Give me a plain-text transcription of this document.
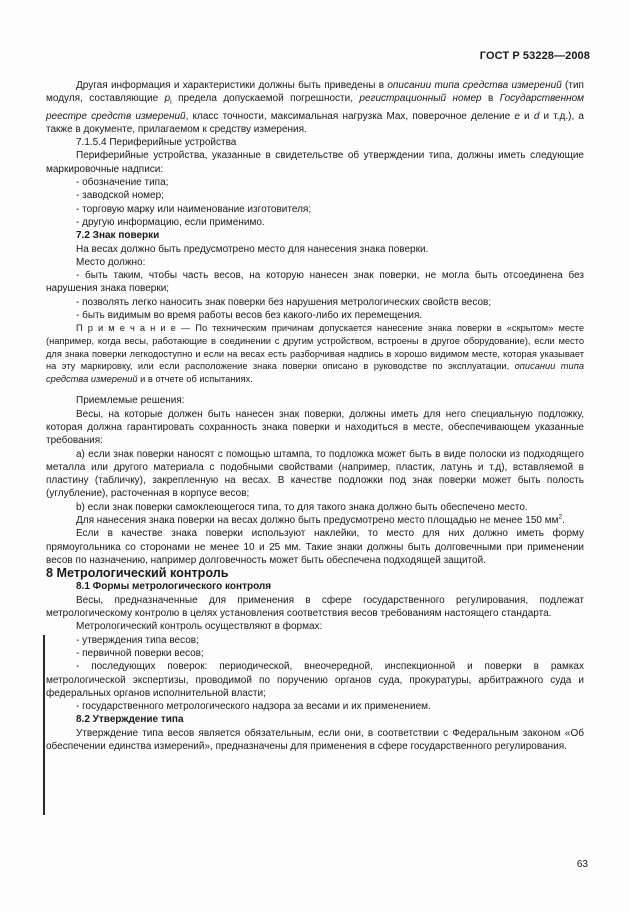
ГОСТ Р 53228—2008

Другая информация и характеристики должны быть приведены в описании типа средства измерений (тип модуля, составляющие $p_i$ предела допускаемой погрешности, регистрационный номер в Государственном реестре средств измерений, класс точности, максимальная нагрузка Max, поверочное деление e и d и т.д.), а также в документе, прилагаемом к средству измерения.

7.1.5.4 Периферийные устройства

Периферийные устройства, указанные в свидетельстве об утверждении типа, должны иметь следующие маркировочные надписи:

- обозначение типа;

- заводской номер;

- торговую марку или наименование изготовителя;

- другую информацию, если применимо.

7.2 Знак поверки

На весах должно быть предусмотрено место для нанесения знака поверки.

Место должно:

- быть таким, чтобы часть весов, на которую нанесен знак поверки, не могла быть отсоединена без нарушения знака поверки;

- позволять легко наносить знак поверки без нарушения метрологических свойств весов;

- быть видимым во время работы весов без какого-либо их перемещения.

П р и м е ч а н и е — По техническим причинам допускается нанесение знака поверки в «скрытом» месте (например, когда весы, работающие в соединении с другим устройством, встроены в другое оборудование), если место для знака поверки легкодоступно и если на весах есть разборчивая надпись в хорошо видимом месте, которая указывает на эту маркировку, или если расположение знака поверки описано в руководстве по эксплуатации, описании типа средства измерений и в отчете об испытаниях.

Приемлемые решения:

Весы, на которые должен быть нанесен знак поверки, должны иметь для него специальную подложку, которая должна гарантировать сохранность знака поверки и находиться в месте, обеспечивающем указанные требования:

a) если знак поверки наносят с помощью штампа, то подложка может быть в виде полоски из подходящего металла или другого материала с подобными свойствами (например, пластик, латунь и т.д), вставляемой в пластину (табличку), закрепленную на весах. В качестве подложки под знак поверки может быть полость (углубление), расточенная в корпусе весов;

b) если знак поверки самоклеющегося типа, то для такого знака должно быть обеспечено место.

Для нанесения знака поверки на весах должно быть предусмотрено место площадью не менее 150 $мм^2$.

Если в качестве знака поверки используют наклейки, то место для них должно иметь форму прямоугольника со сторонами не менее 10 и 25 мм. Такие знаки должны быть долговечными при применении весов по назначению, например долговечность может быть обеспечена подходящей защитой.

8 Метрологический контроль

8.1 Формы метрологического контроля

Весы, предназначенные для применения в сфере государственного регулирования, подлежат метрологическому контролю в целях установления соответствия весов требованиям настоящего стандарта.

Метрологический контроль осуществляют в формах:

- утверждения типа весов;

- первичной поверки весов;

- последующих поверок: периодической, внеочередной, инспекционной и поверки в рамках метрологической экспертизы, проводимой по поручению органов суда, прокуратуры, арбитражного суда и федеральных органов исполнительной власти;

- государственного метрологического надзора за весами и их применением.

8.2 Утверждение типа

Утверждение типа весов является обязательным, если они, в соответствии с Федеральным законом «Об обеспечении единства измерений», предназначены для применения в сфере государственного регулирования.

63
